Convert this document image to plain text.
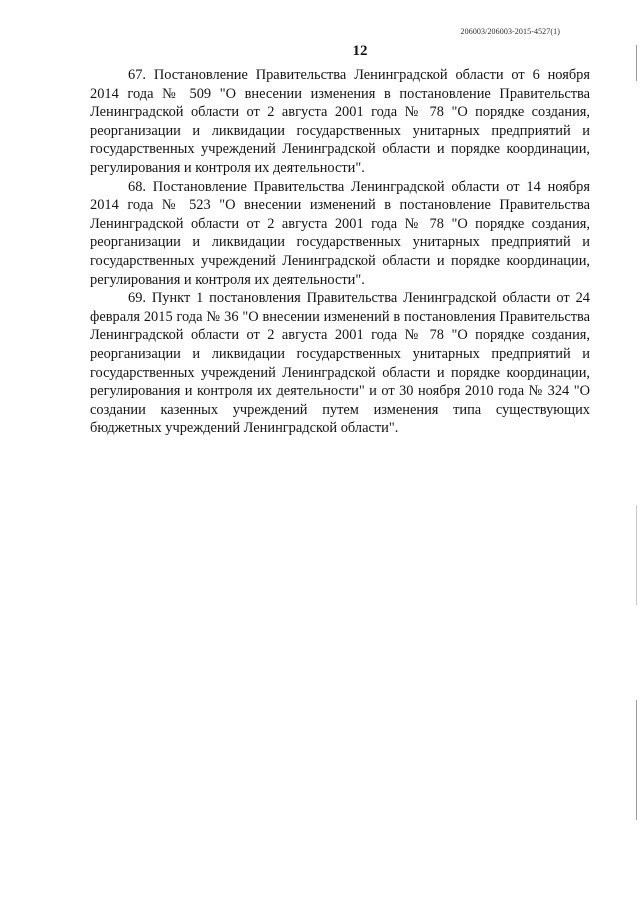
206003/206003-2015-4527(1)
12

67. Постановление Правительства Ленинградской области от 6 ноября 2014 года № 509 "О внесении изменения в постановление Правительства Ленинградской области от 2 августа 2001 года № 78 "О порядке создания, реорганизации и ликвидации государственных унитарных предприятий и государственных учреждений Ленинградской области и порядке координации, регулирования и контроля их деятельности".

68. Постановление Правительства Ленинградской области от 14 ноября 2014 года № 523 "О внесении изменений в постановление Правительства Ленинградской области от 2 августа 2001 года № 78 "О порядке создания, реорганизации и ликвидации государственных унитарных предприятий и государственных учреждений Ленинградской области и порядке координации, регулирования и контроля их деятельности".

69. Пункт 1 постановления Правительства Ленинградской области от 24 февраля 2015 года № 36 "О внесении изменений в постановления Правительства Ленинградской области от 2 августа 2001 года № 78 "О порядке создания, реорганизации и ликвидации государственных унитарных предприятий и государственных учреждений Ленинградской области и порядке координации, регулирования и контроля их деятельности" и от 30 ноября 2010 года № 324 "О создании казенных учреждений путем изменения типа существующих бюджетных учреждений Ленинградской области".
